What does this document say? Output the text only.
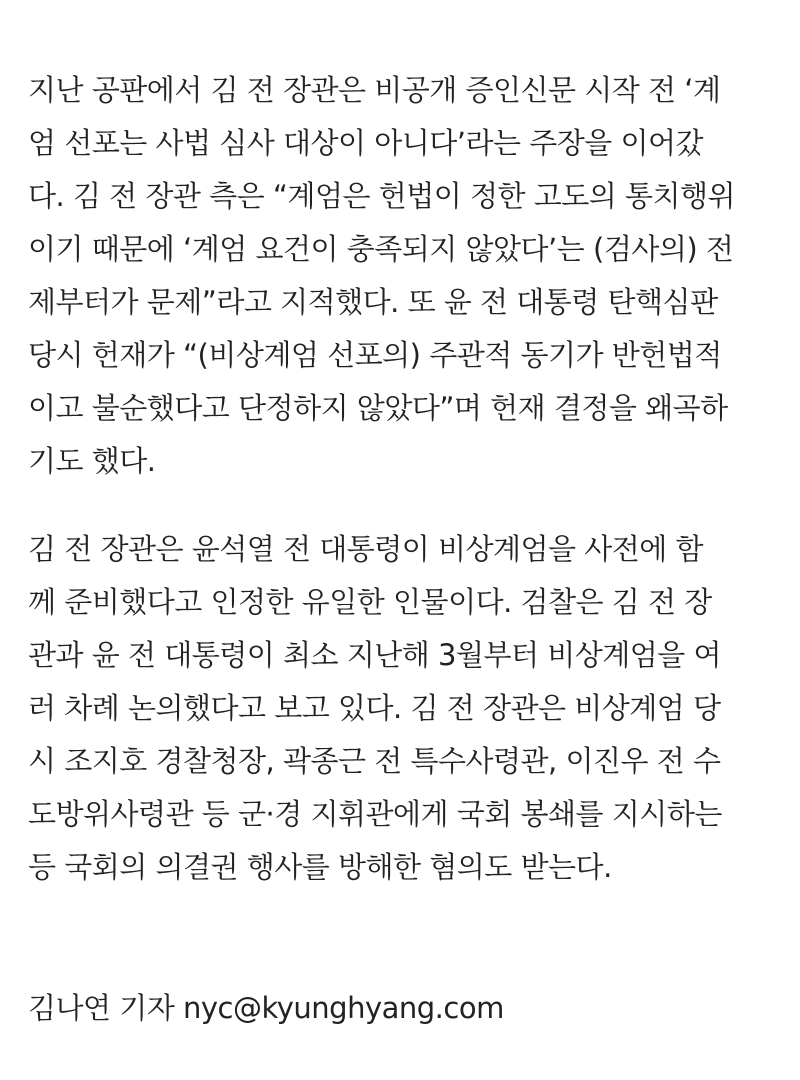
지난 공판에서 김 전 장관은 비공개 증인신문 시작 전 ‘계
엄 선포는 사법 심사 대상이 아니다’라는 주장을 이어갔
다. 김 전 장관 측은 “계엄은 헌법이 정한 고도의 통치행위
이기 때문에 ‘계엄 요건이 충족되지 않았다’는 (검사의) 전
제부터가 문제”라고 지적했다. 또 윤 전 대통령 탄핵심판
당시 헌재가 “(비상계엄 선포의) 주관적 동기가 반헌법적
이고 불순했다고 단정하지 않았다”며 헌재 결정을 왜곡하
기도 했다.
김 전 장관은 윤석열 전 대통령이 비상계엄을 사전에 함
께 준비했다고 인정한 유일한 인물이다. 검찰은 김 전 장
관과 윤 전 대통령이 최소 지난해 3월부터 비상계엄을 여
러 차례 논의했다고 보고 있다. 김 전 장관은 비상계엄 당
시 조지호 경찰청장, 곽종근 전 특수사령관, 이진우 전 수
도방위사령관 등 군·경 지휘관에게 국회 봉쇄를 지시하는
등 국회의 의결권 행사를 방해한 혐의도 받는다.
김나연 기자 nyc@kyunghyang.com
